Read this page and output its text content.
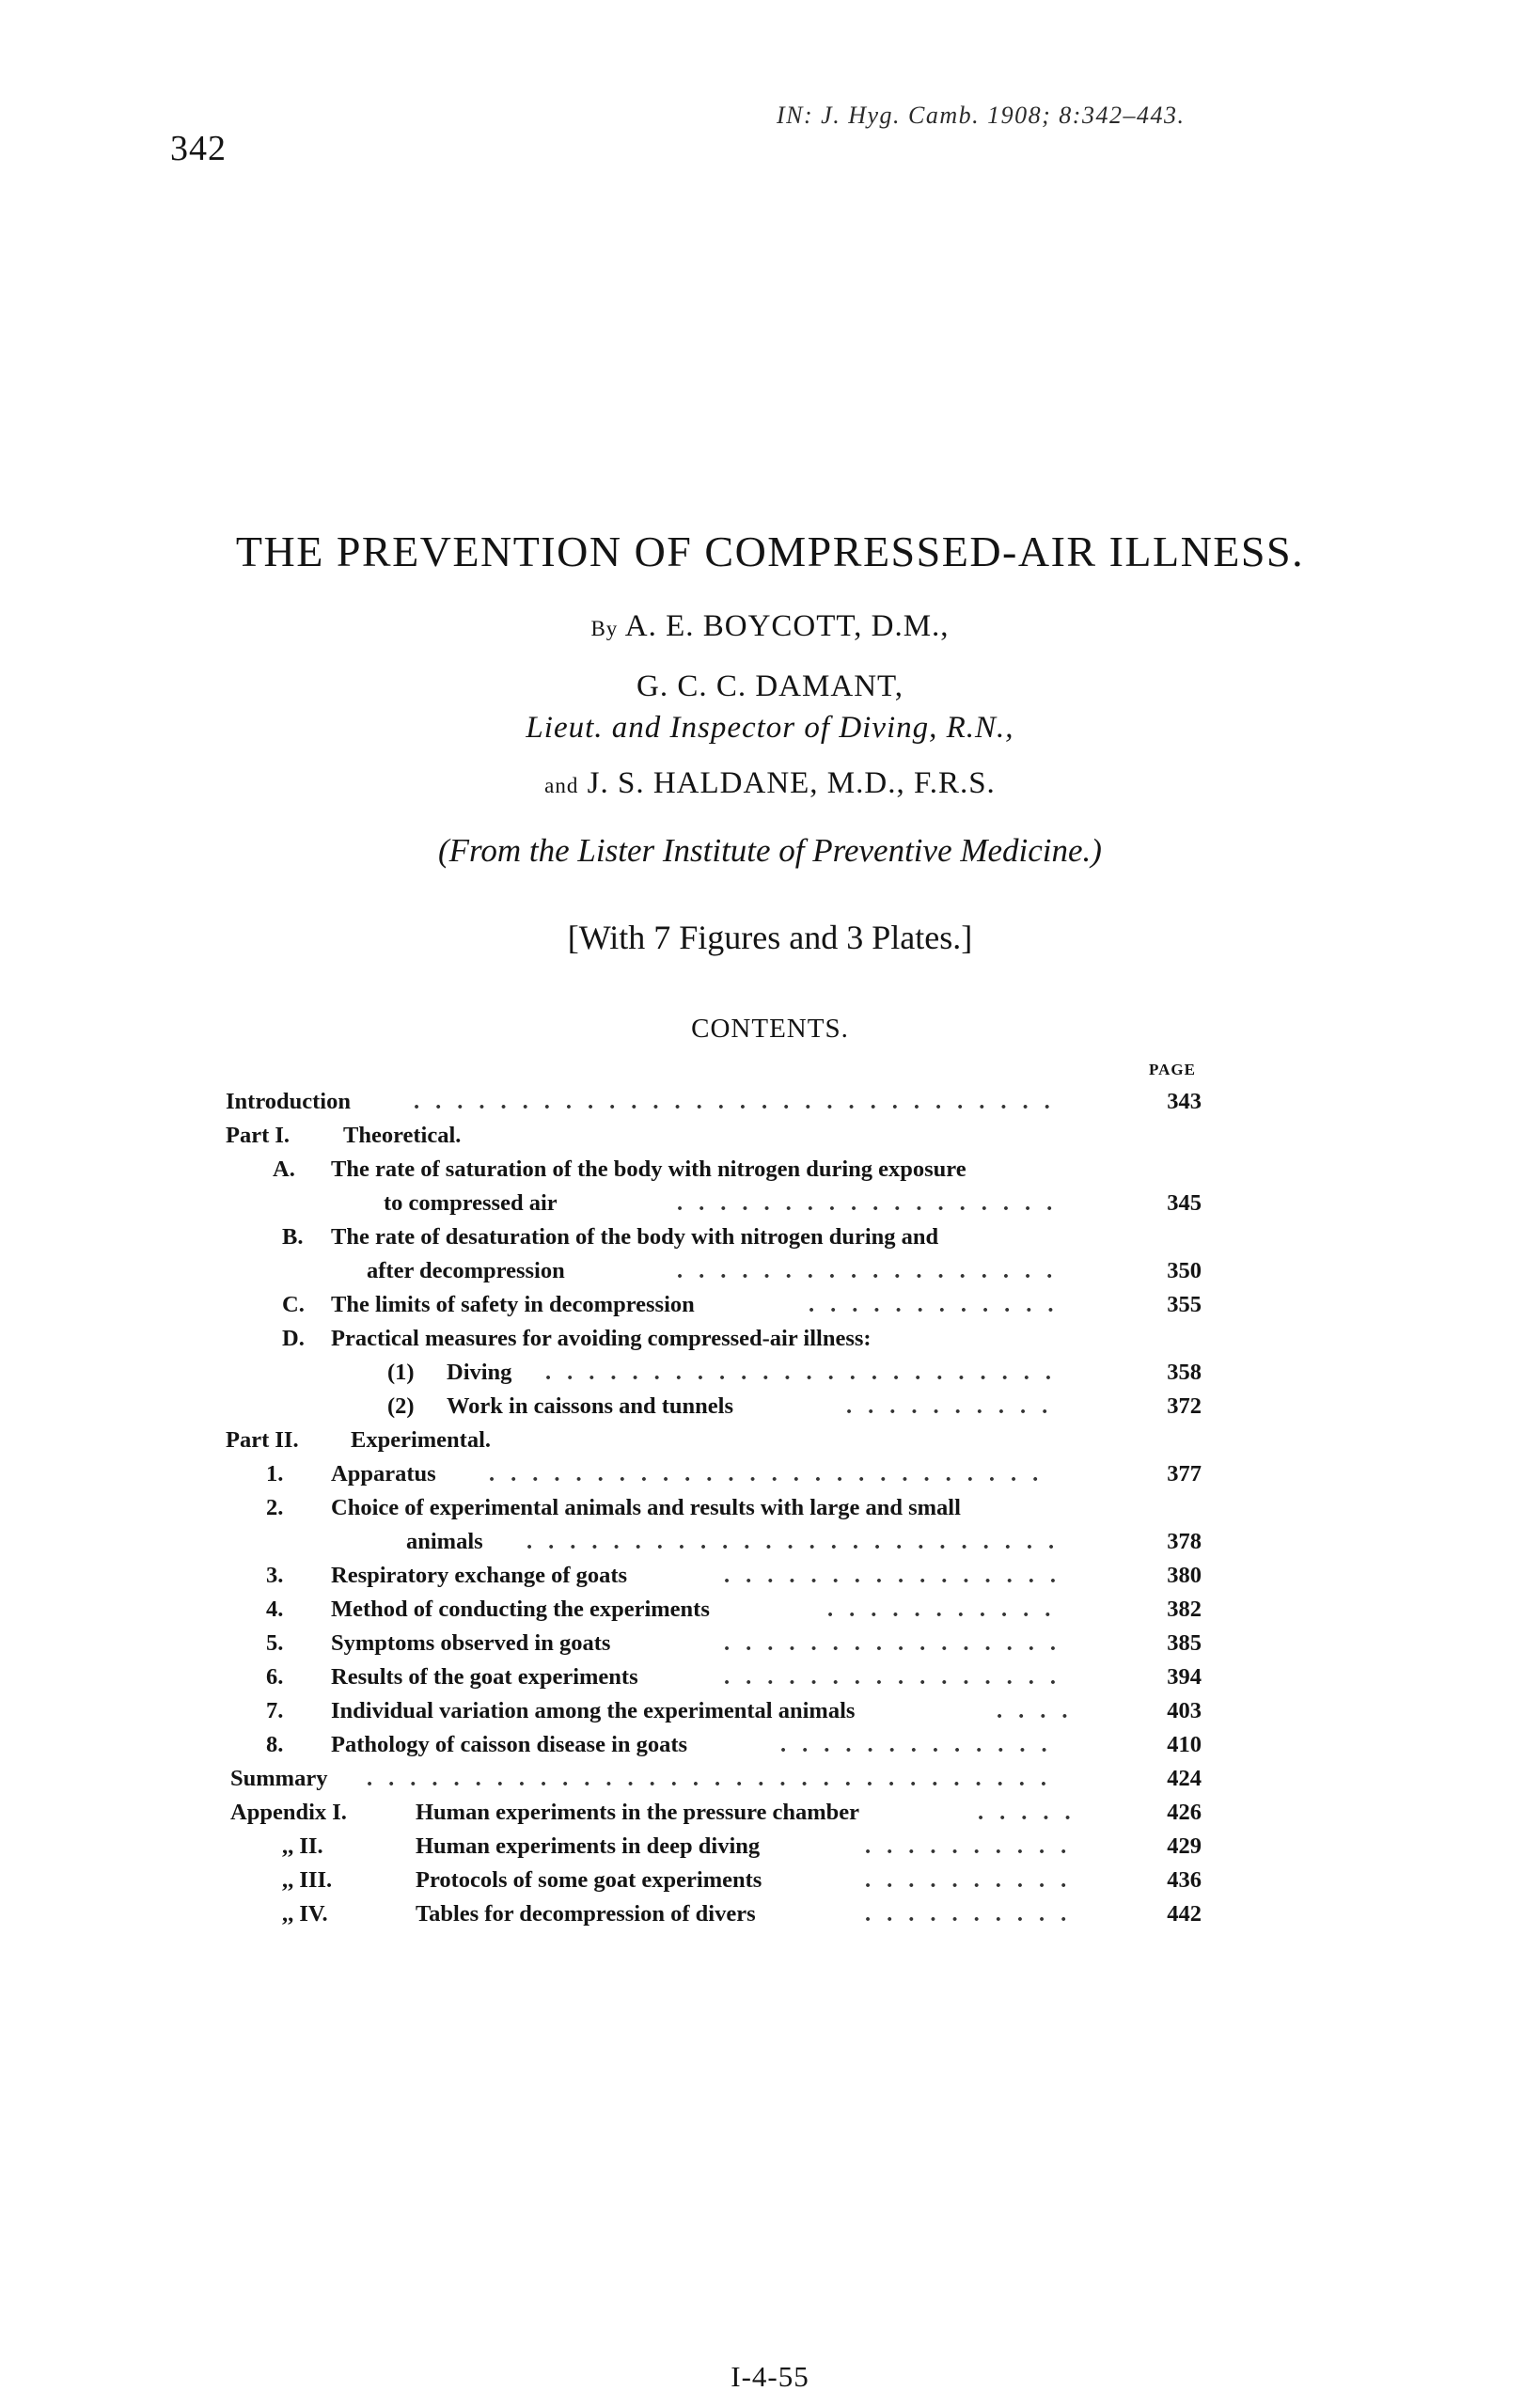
342
IN: J. Hyg. Camb. 1908; 8:342–443.
THE PREVENTION OF COMPRESSED-AIR ILLNESS.
By A. E. BOYCOTT, D.M.,
G. C. C. DAMANT,
Lieut. and Inspector of Diving, R.N.,
and J. S. HALDANE, M.D., F.R.S.
(From the Lister Institute of Preventive Medicine.)
[With 7 Figures and 3 Plates.]
CONTENTS.
PAGE
Introduction	..............................	343
Part I. Theoretical.
A. The rate of saturation of the body with nitrogen during exposure
to compressed air	..................	345
B. The rate of desaturation of the body with nitrogen during and
after decompression	..................	350
C. The limits of safety in decompression	............	355
D. Practical measures for avoiding compressed-air illness:
(1) Diving ........................	358
(2) Work in caissons and tunnels	..........	372
Part II. Experimental.
1. Apparatus ..........................	377
2. Choice of experimental animals and results with large and small
animals .........................	378
3. Respiratory exchange of goats	................	380
4. Method of conducting the experiments	...........	382
5. Symptoms observed in goats	................	385
6. Results of the goat experiments	................	394
7. Individual variation among the experimental animals	....	403
8. Pathology of caisson disease in goats	.............	410
Summary ................................	424
Appendix I.	Human experiments in the pressure chamber	.....	426
,, II.	Human experiments in deep diving	..........	429
,, III.	Protocols of some goat experiments	..........	436
,, IV.	Tables for decompression of divers	..........	442
I-4-55
